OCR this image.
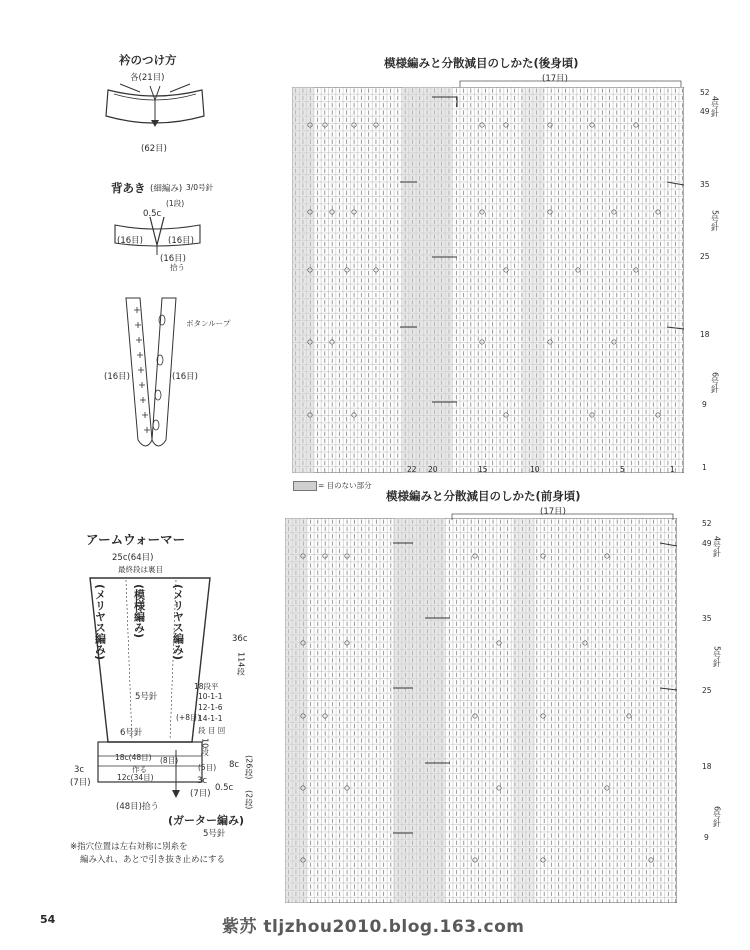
衿のつけ方
各(21目)
(62目)
背あき (細編み) 3/0号針
(1段)
0.5c
(16目)	(16目)
(16目)
拾う
ボタンループ
(16目)	(16目)
アームウォーマー
25c(64目)
最終段は裏目
(メリヤス編み) (模様編み) (メリヤス編み)
5号針
6号針
36c
114段
18段平
10-1-1
12-1-6
14-1-1
段 目 回
(+8目)
10段
18c(48目)
作る
(8目)
(5目)
12c(34目)
3c
(7目)	3c
(7目)
8c (26段)
(2段)
0.5c
(48目)拾う
(ガーター編み)
5号針
※指穴位置は左右対称に別糸を
編み入れ、あとで引き抜き止めにする
模様編みと分散減目のしかた(後身頃)
(17目)
52
49
35
25
18
9
1
4号針
5号針
6号針
22 20	15	10	5	1
= 目のない部分
模様編みと分散減目のしかた(前身頃)
(17目)
52
49
35
25
18
9
4号針
5号針
6号針
54	紫苏 tljzhou2010.blog.163.com
